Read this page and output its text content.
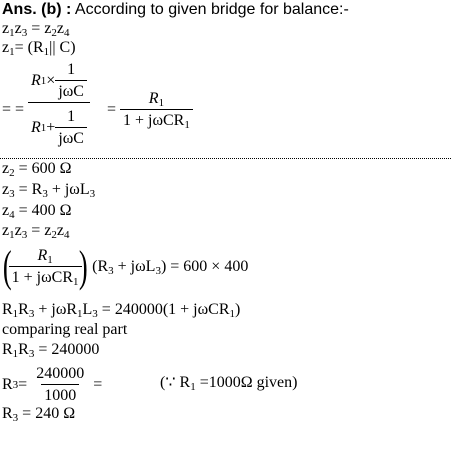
Ans. (b) : According to given bridge for balance:-
$z_1z_3 = z_2z_4$
$z_1= (R_1||$ C)
= = $\frac{R 1 \times \frac{1}{\text{jωC}}}{R 1 + \frac{1}{\text{jωC}}} = \frac{R_1}{1 + j\omega CR_1}$
$z_2 = 600$ Ω
$z_3 = R_3 + j\omega L_3$
$z_4 = 400$ Ω
$z_1z_3 = z_2z_4$
(
$\frac{R_1}{1 + j\omega CR_1}$
) $(R_3 + j\omega L_3) = 600 \times 400$
$R_1R_3 + j\omega R_1L_3 = 240000(1 + j\omega CR_1)$
comparing real part
$R_1R_3 = 240000$
R $3 = \frac{240000}{1000}$ =	(∵ $R_1 =1000\Omega$ given)
$R_3 = 240$ Ω
